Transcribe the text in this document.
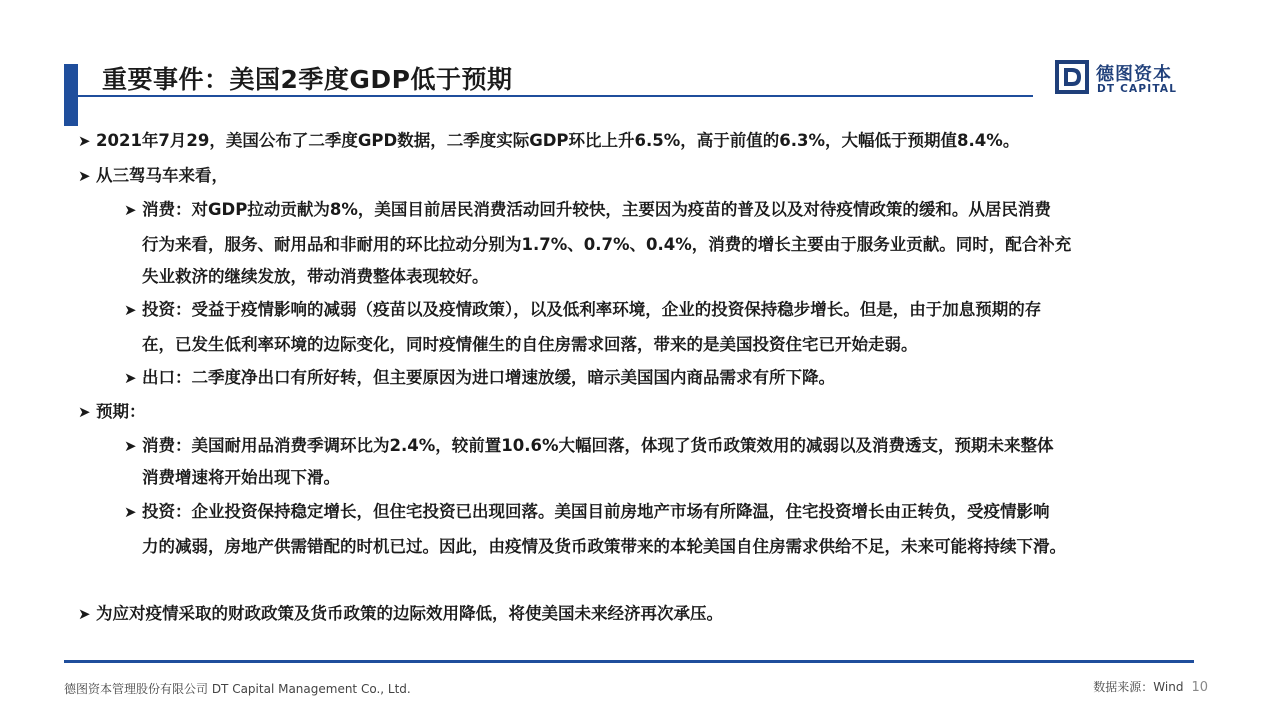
重要事件：美国2季度GDP低于预期	德图资本
DT CAPITAL
➤ 2021年7月29，美国公布了二季度GPD数据，二季度实际GDP环比上升6.5%，高于前值的6.3%，大幅低于预期值8.4%。
➤ 从三驾马车来看，
➤ 消费：对GDP拉动贡献为8%，美国目前居民消费活动回升较快，主要因为疫苗的普及以及对待疫情政策的缓和。从居民消费
行为来看，服务、耐用品和非耐用的环比拉动分别为1.7%、0.7%、0.4%，消费的增长主要由于服务业贡献。同时，配合补充
失业救济的继续发放，带动消费整体表现较好。
➤ 投资：受益于疫情影响的减弱（疫苗以及疫情政策），以及低利率环境，企业的投资保持稳步增长。但是，由于加息预期的存
在，已发生低利率环境的边际变化，同时疫情催生的自住房需求回落，带来的是美国投资住宅已开始走弱。
➤ 出口：二季度净出口有所好转，但主要原因为进口增速放缓，暗示美国国内商品需求有所下降。
➤ 预期：
➤ 消费：美国耐用品消费季调环比为2.4%，较前置10.6%大幅回落，体现了货币政策效用的减弱以及消费透支，预期未来整体
消费增速将开始出现下滑。
➤ 投资：企业投资保持稳定增长，但住宅投资已出现回落。美国目前房地产市场有所降温，住宅投资增长由正转负，受疫情影响
力的减弱，房地产供需错配的时机已过。因此，由疫情及货币政策带来的本轮美国自住房需求供给不足，未来可能将持续下滑。
➤ 为应对疫情采取的财政政策及货币政策的边际效用降低，将使美国未来经济再次承压。
德图资本管理股份有限公司 DT Capital Management Co., Ltd.	数据来源：Wind 10
